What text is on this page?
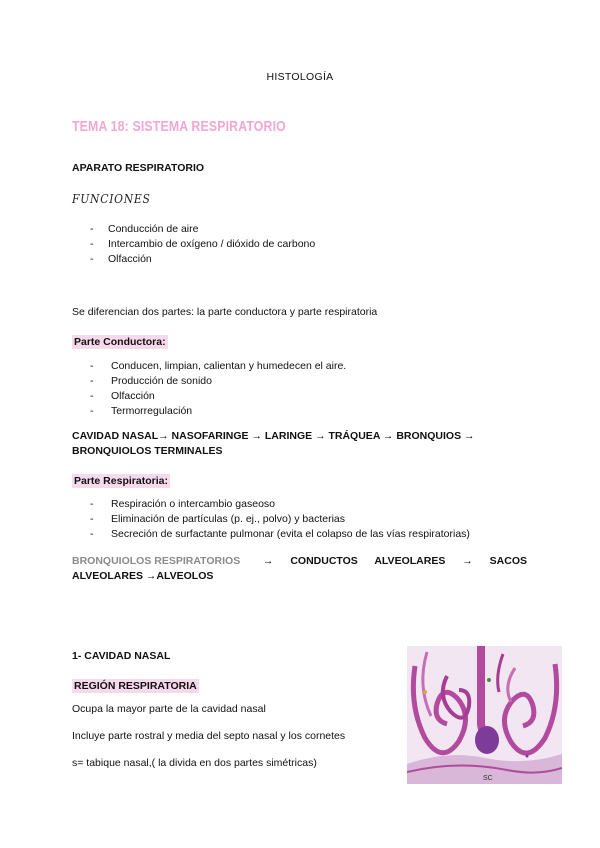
HISTOLOGÍA
TEMA 18: SISTEMA RESPIRATORIO
APARATO RESPIRATORIO
FUNCIONES
- Conducción de aire
- Intercambio de oxígeno / dióxido de carbono
- Olfacción
Se diferencian dos partes: la parte conductora y parte respiratoria
Parte Conductora:
- Conducen, limpian, calientan y humedecen el aire.
- Producción de sonido
- Olfacción
- Termorregulación
CAVIDAD NASAL→ NASOFARINGE → LARINGE → TRÁQUEA → BRONQUIOS →
BRONQUIOLOS TERMINALES
Parte Respiratoria:
- Respiración o intercambio gaseoso
- Eliminación de partículas (p. ej., polvo) y bacterias
- Secreción de surfactante pulmonar (evita el colapso de las vías respiratorias)
BRONQUIOLOS RESPIRATORIOS → CONDUCTOS ALVEOLARES → SACOS
ALVEOLARES →ALVEOLOS
1- CAVIDAD NASAL
REGIÓN RESPIRATORIA
Ocupa la mayor parte de la cavidad nasal
Incluye parte rostral y media del septo nasal y los cornetes
s= tabique nasal,( la divida en dos partes simétricas)
SC
